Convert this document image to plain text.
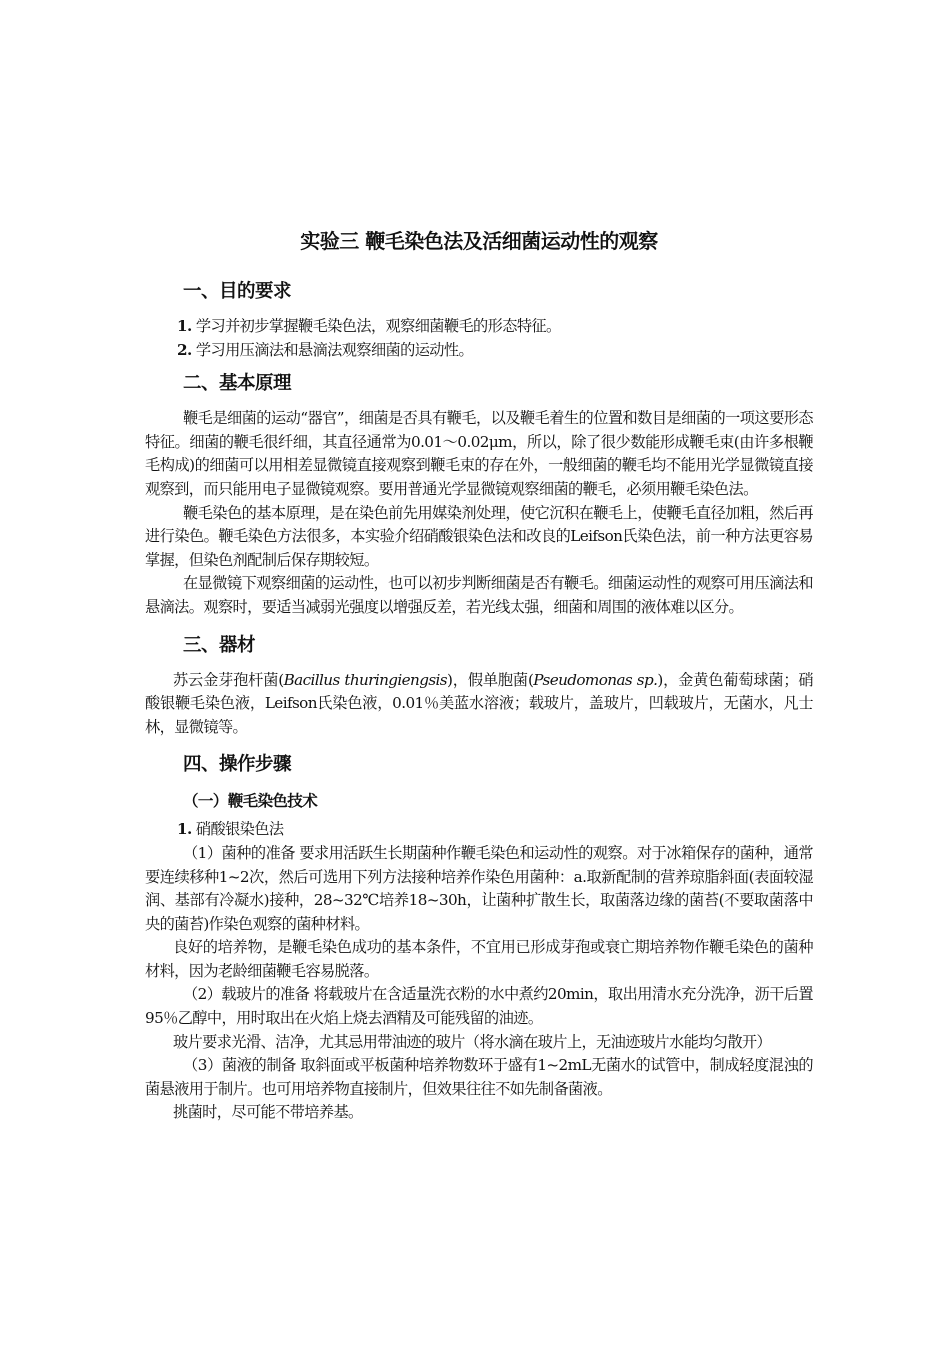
实验三 鞭毛染色法及活细菌运动性的观察
一、目的要求
1. 学习并初步掌握鞭毛染色法，观察细菌鞭毛的形态特征。
2. 学习用压滴法和悬滴法观察细菌的运动性。
二、基本原理

鞭毛是细菌的运动“器官”，细菌是否具有鞭毛，以及鞭毛着生的位置和数目是细菌的一项这要形态特征。细菌的鞭毛很纤细，其直径通常为0.01～0.02μm，所以，除了很少数能形成鞭毛束(由许多根鞭毛构成)的细菌可以用相差显微镜直接观察到鞭毛束的存在外，一般细菌的鞭毛均不能用光学显微镜直接观察到，而只能用电子显微镜观察。要用普通光学显微镜观察细菌的鞭毛，必须用鞭毛染色法。

鞭毛染色的基本原理，是在染色前先用媒染剂处理，使它沉积在鞭毛上，使鞭毛直径加粗，然后再进行染色。鞭毛染色方法很多，本实验介绍硝酸银染色法和改良的Leifson氏染色法，前一种方法更容易掌握，但染色剂配制后保存期较短。

在显微镜下观察细菌的运动性，也可以初步判断细菌是否有鞭毛。细菌运动性的观察可用压滴法和悬滴法。观察时，要适当减弱光强度以增强反差，若光线太强，细菌和周围的液体难以区分。

三、器材

苏云金芽孢杆菌(Bacillus thuringiengsis)，假单胞菌(Pseudomonas sp.)，金黄色葡萄球菌；硝酸银鞭毛染色液，Leifson氏染色液，0.01％美蓝水溶液；载玻片，盖玻片，凹载玻片，无菌水，凡士林，显微镜等。

四、操作步骤
（一）鞭毛染色技术
1. 硝酸银染色法

（1）菌种的准备 要求用活跃生长期菌种作鞭毛染色和运动性的观察。对于冰箱保存的菌种，通常要连续移种1~2次，然后可选用下列方法接种培养作染色用菌种：a.取新配制的营养琼脂斜面(表面较湿润、基部有冷凝水)接种，28~32℃培养18~30h，让菌种扩散生长，取菌落边缘的菌苔(不要取菌落中央的菌苔)作染色观察的菌种材料。

良好的培养物，是鞭毛染色成功的基本条件，不宜用已形成芽孢或衰亡期培养物作鞭毛染色的菌种材料，因为老龄细菌鞭毛容易脱落。

（2）载玻片的准备 将载玻片在含适量洗衣粉的水中煮约20min，取出用清水充分洗净，沥干后置95％乙醇中，用时取出在火焰上烧去酒精及可能残留的油迹。

玻片要求光滑、洁净，尤其忌用带油迹的玻片（将水滴在玻片上，无油迹玻片水能均匀散开）

（3）菌液的制备 取斜面或平板菌种培养物数环于盛有1~2mL无菌水的试管中，制成轻度混浊的菌悬液用于制片。也可用培养物直接制片，但效果往往不如先制备菌液。

挑菌时，尽可能不带培养基。
